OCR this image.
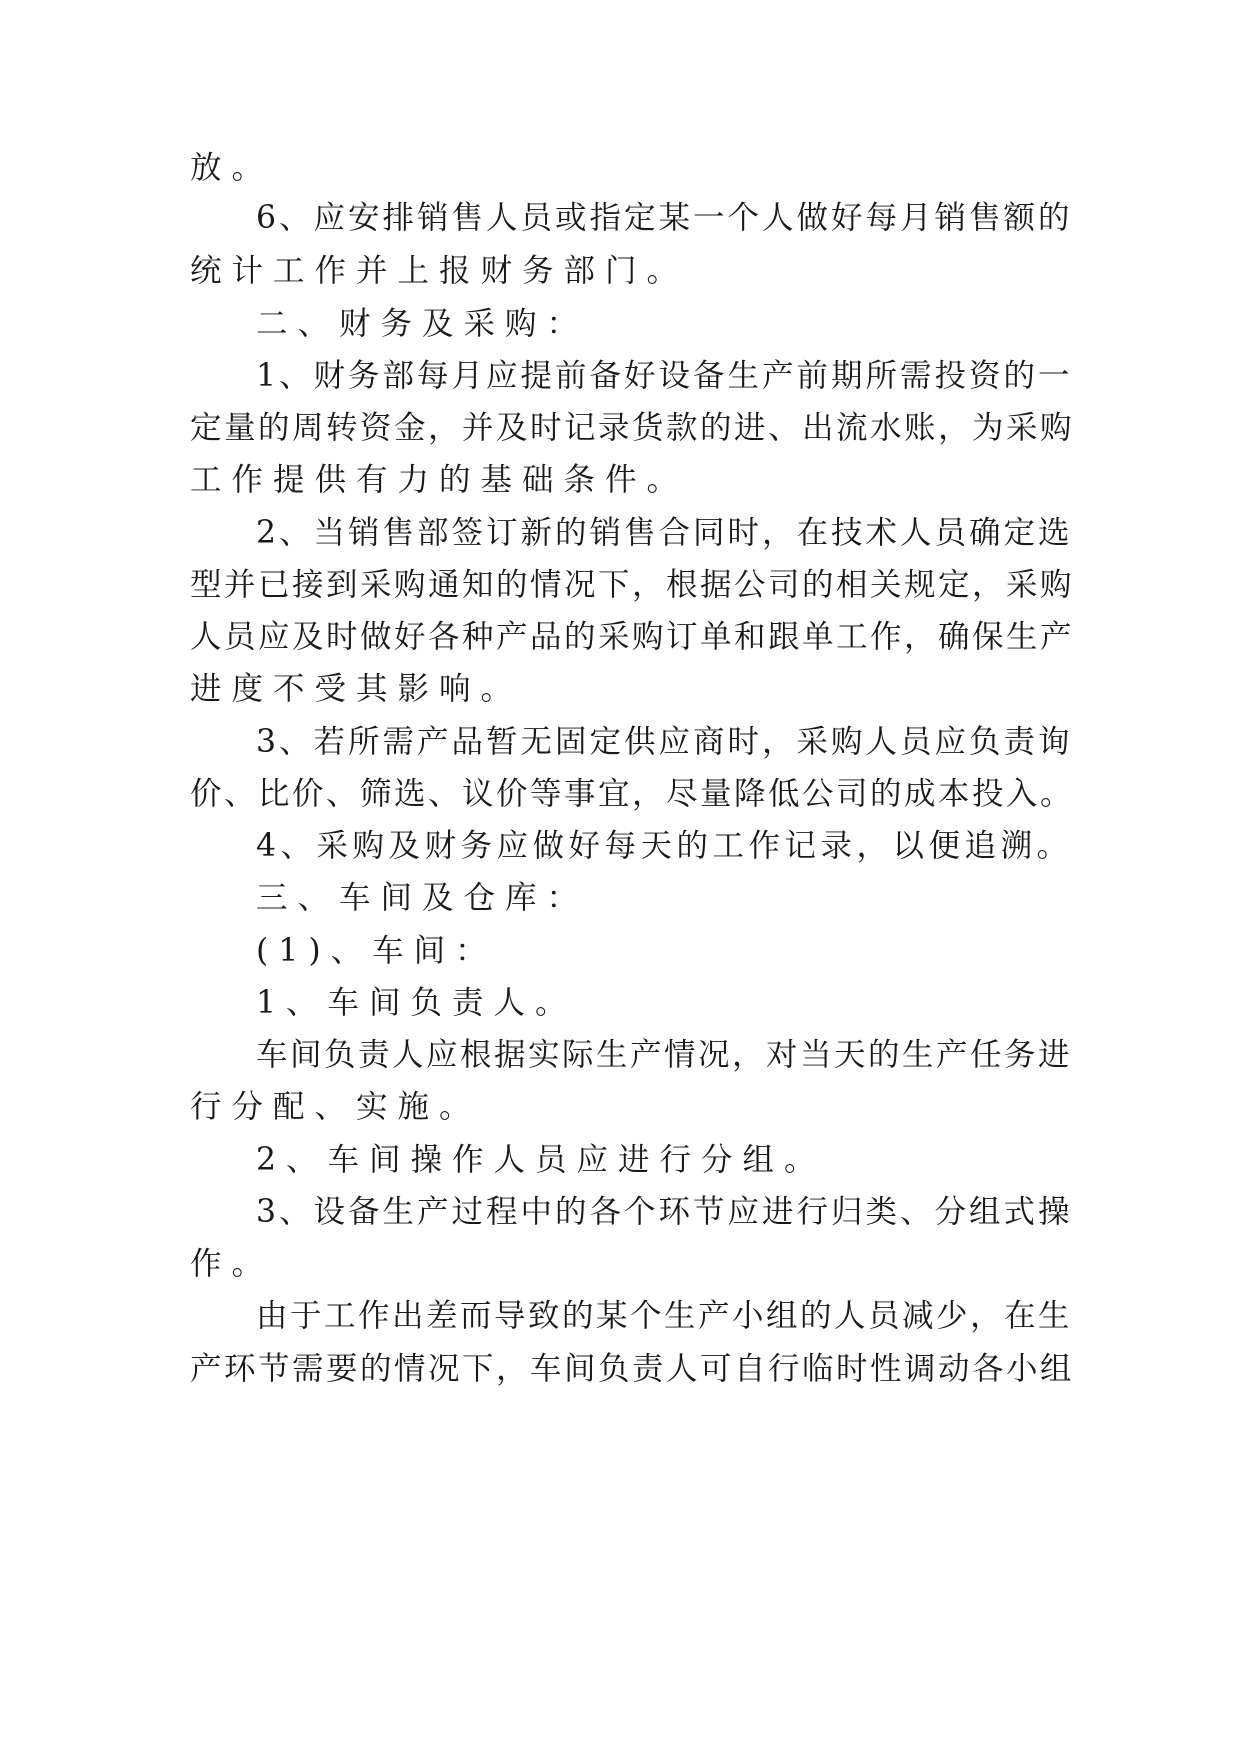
放。

6、应安排销售人员或指定某一个人做好每月销售额的

统计工作并上报财务部门。

二、财务及采购：

1、财务部每月应提前备好设备生产前期所需投资的一

定量的周转资金，并及时记录货款的进、出流水账，为采购

工作提供有力的基础条件。

2、当销售部签订新的销售合同时，在技术人员确定选

型并已接到采购通知的情况下，根据公司的相关规定，采购

人员应及时做好各种产品的采购订单和跟单工作，确保生产

进度不受其影响。

3、若所需产品暂无固定供应商时，采购人员应负责询

价、比价、筛选、议价等事宜，尽量降低公司的成本投入。

4、采购及财务应做好每天的工作记录，以便追溯。

三、车间及仓库：

(1)、车间：

1、车间负责人。

车间负责人应根据实际生产情况，对当天的生产任务进

行分配、实施。

2、车间操作人员应进行分组。

3、设备生产过程中的各个环节应进行归类、分组式操

作。

由于工作出差而导致的某个生产小组的人员减少，在生

产环节需要的情况下，车间负责人可自行临时性调动各小组
